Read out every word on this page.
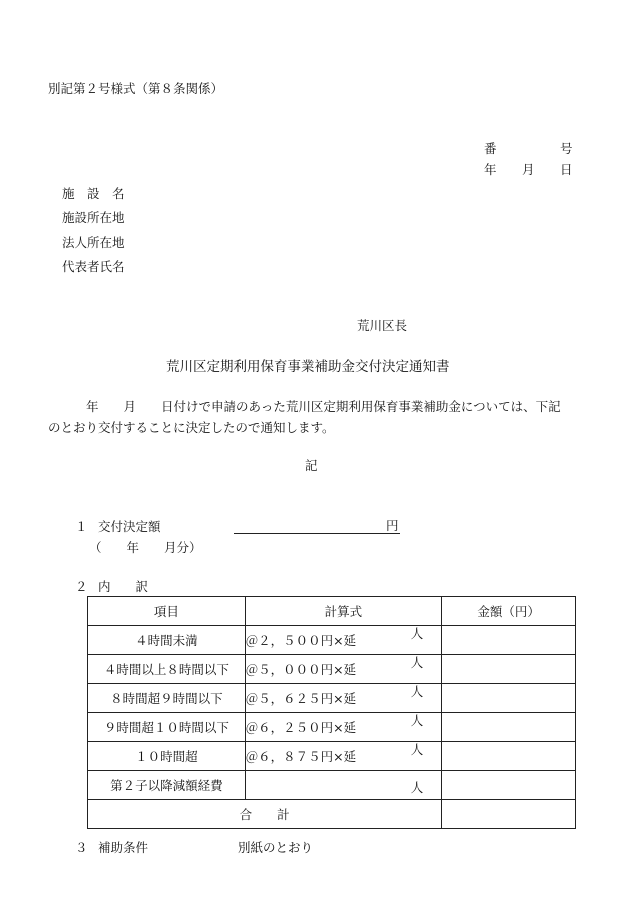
別記第２号様式（第８条関係）
番	号
年 月 日
施　設　名
施設所在地
法人所在地
代表者氏名
荒川区長
荒川区定期利用保育事業補助金交付決定通知書
年　　月　　日付けで申請のあった荒川区定期利用保育事業補助金については、下記
のとおり交付することに決定したので通知します。
記
１ 交付決定額	円
（　　年　　月分）
２ 内　　訳
項目	計算式	金額（円）
４時間未満	＠２，５００円×延 人	

４時間以上８時間以下	＠５，０００円×延 人	

８時間超９時間以下	＠５，６２５円×延 人	

９時間超１０時間以下	＠６，２５０円×延 人	

１０時間超	＠６，８７５円×延 人	

第２子以降減額経費	人	

合　　計		
３ 補助条件	別紙のとおり
